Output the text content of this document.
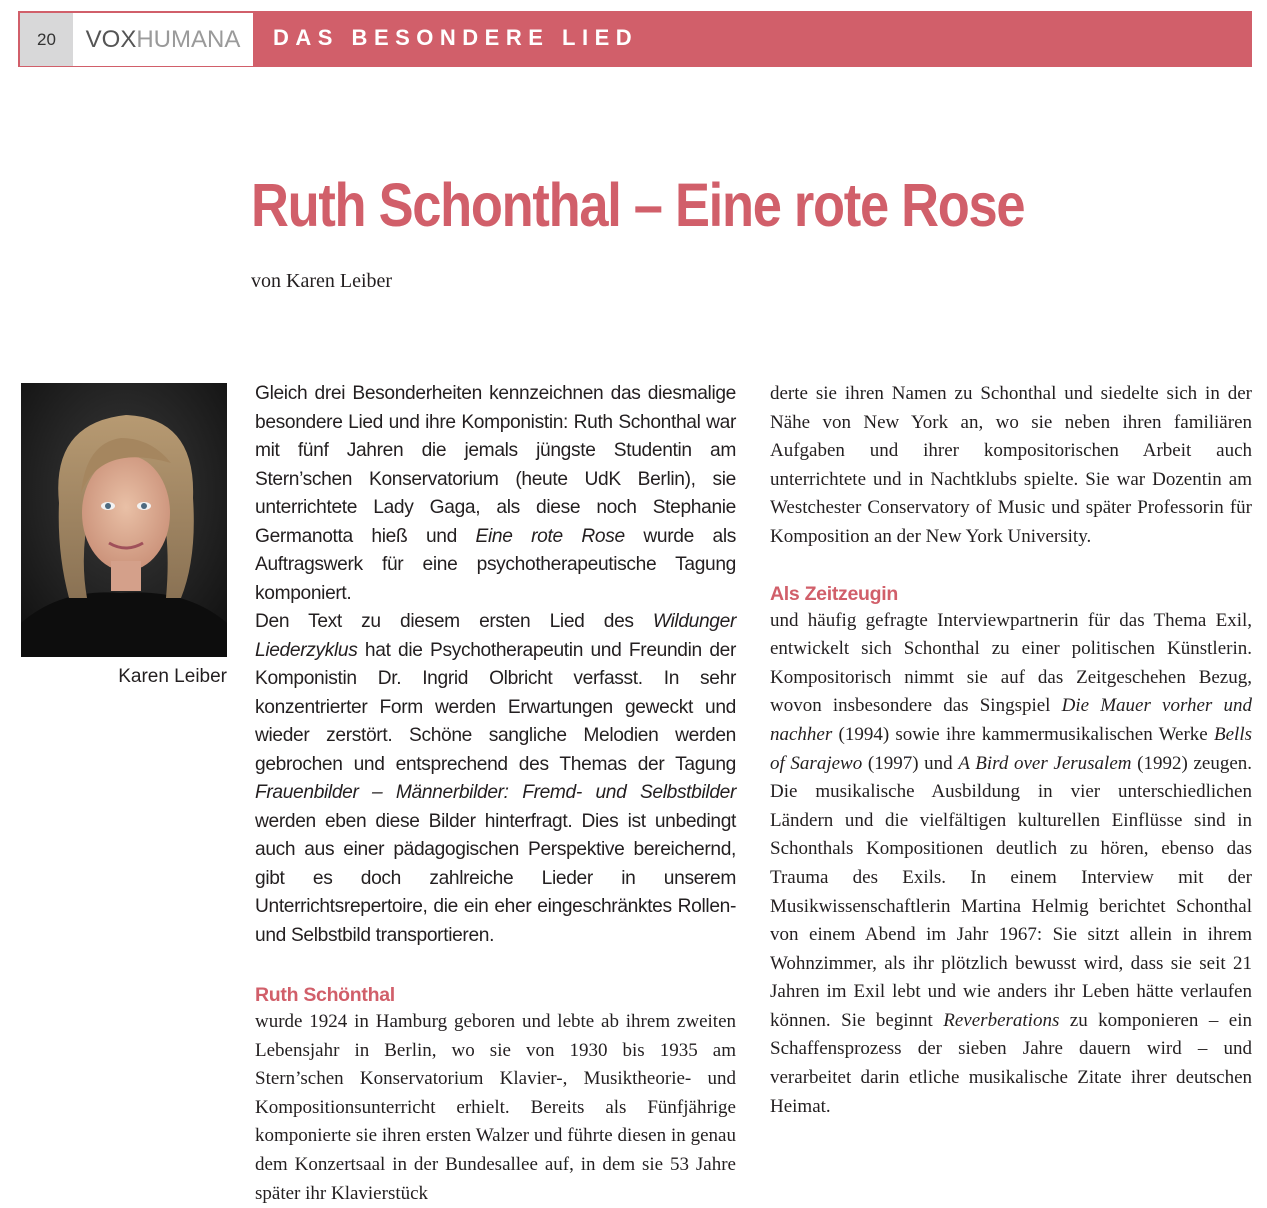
20	VOX HUMANA DAS BESONDERE LIED
Ruth Schonthal – Eine rote Rose
von Karen Leiber
Karen Leiber

Gleich drei Besonderheiten kennzeichnen das diesmalige besondere Lied und ihre Komponistin: Ruth Schonthal war mit fünf Jahren die jemals jüngste Studentin am Stern’schen Konservatorium (heute UdK Berlin), sie unterrichtete Lady Gaga, als diese noch Stephanie Germanotta hieß und Eine rote Rose wurde als Auftragswerk für eine psychotherapeutische Tagung komponiert.

Den Text zu diesem ersten Lied des Wildunger Liederzyklus hat die Psychotherapeutin und Freundin der Komponistin Dr. Ingrid Olbricht verfasst. In sehr konzentrierter Form werden Erwartungen geweckt und wieder zerstört. Schöne sangliche Melodien werden gebrochen und entsprechend des Themas der Tagung Frauenbilder – Männerbilder: Fremd- und Selbstbilder werden eben diese Bilder hinterfragt. Dies ist unbedingt auch aus einer pädagogischen Perspektive bereichernd, gibt es doch zahlreiche Lieder in unserem Unterrichtsrepertoire, die ein eher eingeschränktes Rollen- und Selbstbild transportieren.

Ruth Schönthal

wurde 1924 in Hamburg geboren und lebte ab ihrem zweiten Lebensjahr in Berlin, wo sie von 1930 bis 1935 am Stern’schen Konservatorium Klavier-, Musiktheorie- und Kompositionsunterricht erhielt. Bereits als Fünfjährige komponierte sie ihren ersten Walzer und führte diesen in genau dem Konzertsaal in der Bundesallee auf, in dem sie 53 Jahre später ihr Klavierstück

derte sie ihren Namen zu Schonthal und siedelte sich in der Nähe von New York an, wo sie neben ihren familiären Aufgaben und ihrer kompositorischen Arbeit auch unterrichtete und in Nachtklubs spielte. Sie war Dozentin am Westchester Conservatory of Music und später Professorin für Komposition an der New York University.

Als Zeitzeugin

und häufig gefragte Interviewpartnerin für das Thema Exil, entwickelt sich Schonthal zu einer politischen Künstlerin. Kompositorisch nimmt sie auf das Zeitgeschehen Bezug, wovon insbesondere das Singspiel Die Mauer vorher und nachher (1994) sowie ihre kammermusikalischen Werke Bells of Sarajewo (1997) und A Bird over Jerusalem (1992) zeugen. Die musikalische Ausbildung in vier unterschiedlichen Ländern und die vielfältigen kulturellen Einflüsse sind in Schonthals Kompositionen deutlich zu hören, ebenso das Trauma des Exils. In einem Interview mit der Musikwissenschaftlerin Martina Helmig berichtet Schonthal von einem Abend im Jahr 1967: Sie sitzt allein in ihrem Wohnzimmer, als ihr plötzlich bewusst wird, dass sie seit 21 Jahren im Exil lebt und wie anders ihr Leben hätte verlaufen können. Sie beginnt Reverberations zu komponieren – ein Schaffensprozess der sieben Jahre dauern wird – und verarbeitet darin etliche musikalische Zitate ihrer deutschen Heimat.
